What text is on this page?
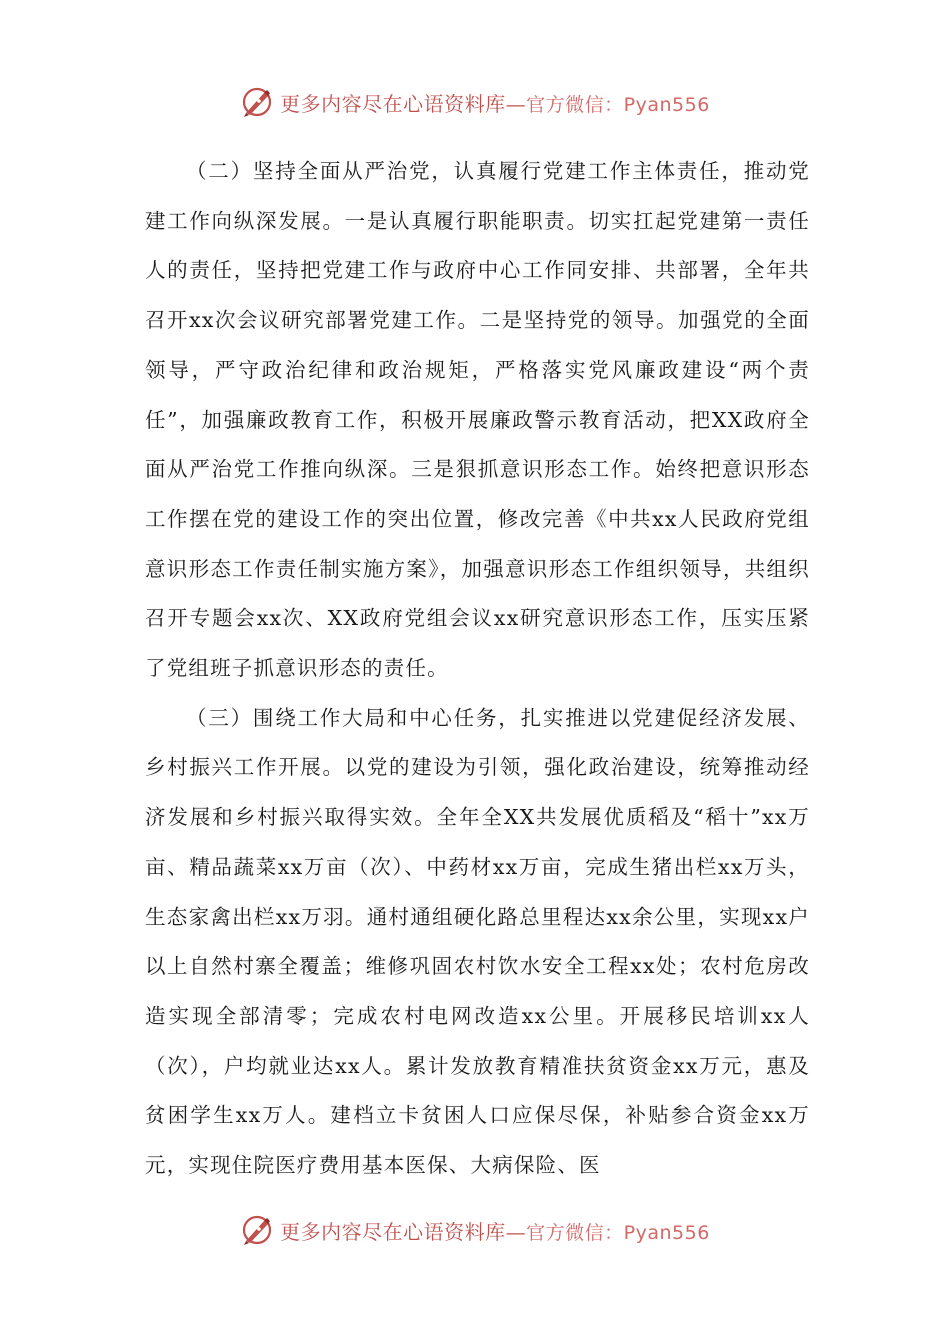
更多内容尽在心语资料库—官方微信：Pyan556

（二）坚持全面从严治党，认真履行党建工作主体责任，推动党建工作向纵深发展。一是认真履行职能职责。切实扛起党建第一责任人的责任，坚持把党建工作与政府中心工作同安排、共部署，全年共召开xx次会议研究部署党建工作。二是坚持党的领导。加强党的全面领导，严守政治纪律和政治规矩，严格落实党风廉政建设“两个责任”，加强廉政教育工作，积极开展廉政警示教育活动，把XX政府全面从严治党工作推向纵深。三是狠抓意识形态工作。始终把意识形态工作摆在党的建设工作的突出位置，修改完善《中共xx人民政府党组意识形态工作责任制实施方案》，加强意识形态工作组织领导，共组织召开专题会xx次、XX政府党组会议xx研究意识形态工作，压实压紧了党组班子抓意识形态的责任。

（三）围绕工作大局和中心任务，扎实推进以党建促经济发展、乡村振兴工作开展。以党的建设为引领，强化政治建设，统筹推动经济发展和乡村振兴取得实效。全年全XX共发展优质稻及“稻十”xx万亩、精品蔬菜xx万亩（次）、中药材xx万亩，完成生猪出栏xx万头，生态家禽出栏xx万羽。通村通组硬化路总里程达xx余公里，实现xx户以上自然村寨全覆盖；维修巩固农村饮水安全工程xx处；农村危房改造实现全部清零；完成农村电网改造xx公里。开展移民培训xx人（次），户均就业达xx人。累计发放教育精准扶贫资金xx万元，惠及贫困学生xx万人。建档立卡贫困人口应保尽保，补贴参合资金xx万元，实现住院医疗费用基本医保、大病保险、医

更多内容尽在心语资料库—官方微信：Pyan556
